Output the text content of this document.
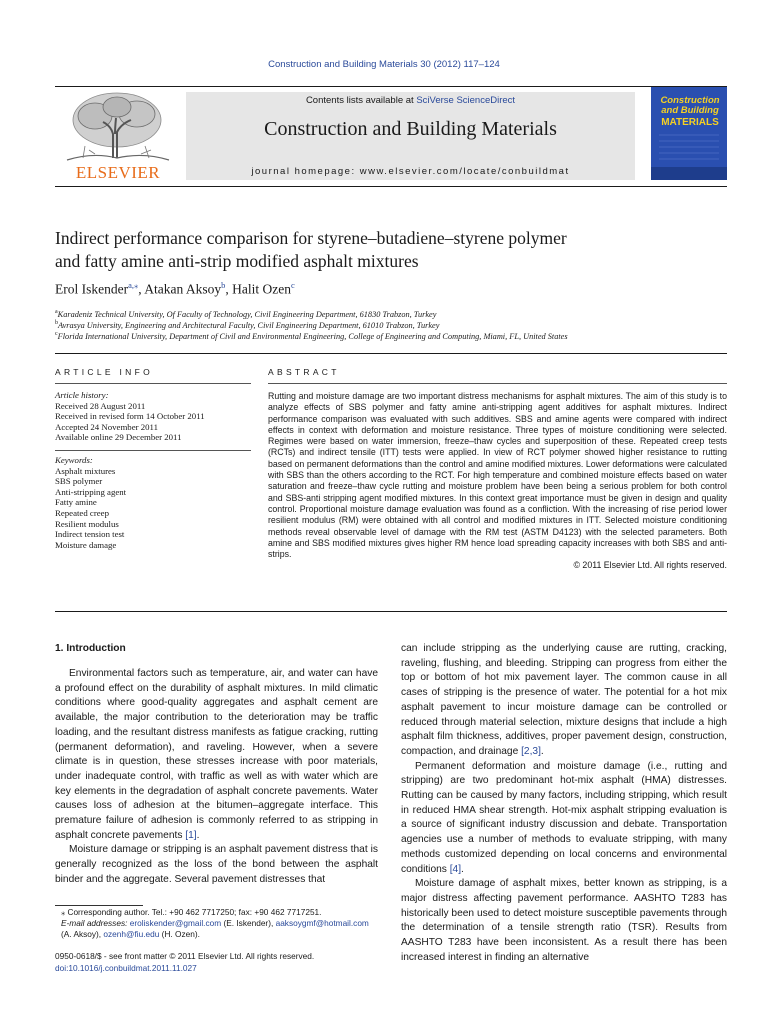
Construction and Building Materials 30 (2012) 117–124
Contents lists available at SciVerse ScienceDirect
Construction and Building Materials
journal homepage: www.elsevier.com/locate/conbuildmat
ELSEVIER
Construction and Building
MATERIALS
Indirect performance comparison for styrene–butadiene–styrene polymer
and fatty amine anti-strip modified asphalt mixtures
Erol Iskender$^{a,⁎}$, Atakan Aksoy$^b$, Halit Ozen$^c$
$^a$Karadeniz Technical University, Of Faculty of Technology, Civil Engineering Department, 61830 Trabzon, Turkey
$^b$Avrasya University, Engineering and Architectural Faculty, Civil Engineering Department, 61010 Trabzon, Turkey
$^c$Florida International University, Department of Civil and Environmental Engineering, College of Engineering and Computing, Miami, FL, United States
ARTICLE INFO	ABSTRACT
Article history:
Received 28 August 2011
Received in revised form 14 October 2011
Accepted 24 November 2011
Available online 29 December 2011
Keywords:
Asphalt mixtures
SBS polymer
Anti-stripping agent
Fatty amine
Repeated creep
Resilient modulus
Indirect tension test
Moisture damage
Rutting and moisture damage are two important distress mechanisms for asphalt mixtures. The aim of this study is to analyze effects of SBS polymer and fatty amine anti-stripping agent additives for asphalt mixtures. Indirect performance comparison was evaluated with such additives. SBS and amine agents were compared with indirect effects in context with deformation and moisture resistance. Three types of moisture conditioning were selected. Regimes were based on water immersion, freeze–thaw cycles and superposition of these. Repeated creep tests (RCTs) and indirect tensile (ITT) tests were applied. In view of RCT polymer showed higher resistance to rutting based on permanent deformations than the control and amine modified mixtures. Lower deformations were calculated with SBS than the others according to the RCT. For high temperature and combined moisture effects based on water saturation and freeze–thaw cycle rutting and moisture problem have been being a serious problem for both control and SBS-anti stripping agent modified mixtures. In this context great importance must be given in design and quality control. Proportional moisture damage evaluation was found as a confliction. With the increasing of rise period lower resilient modulus (RM) were obtained with all control and modified mixtures in ITT. Selected moisture conditioning methods reveal observable level of damage with the RM test (ASTM D4123) with the selected parameters. Both amine and SBS modified mixtures gives higher RM hence load spreading capacity increases with both SBS and anti-strips.
© 2011 Elsevier Ltd. All rights reserved.
1. Introduction

Environmental factors such as temperature, air, and water can have a profound effect on the durability of asphalt mixtures. In mild climatic conditions where good-quality aggregates and asphalt cement are available, the major contribution to the deterioration may be traffic loading, and the resultant distress manifests as fatigue cracking, rutting (permanent deformation), and raveling. However, when a severe climate is in question, these stresses increase with poor materials, under inadequate control, with traffic as well as with water which are key elements in the degradation of asphalt concrete pavements. Water causes loss of adhesion at the bitumen–aggregate interface. This premature failure of adhesion is commonly referred to as stripping in asphalt concrete pavements [1].

Moisture damage or stripping is an asphalt pavement distress that is generally recognized as the loss of the bond between the asphalt binder and the aggregate. Several pavement distresses that

⁎ Corresponding author. Tel.: +90 462 7717250; fax: +90 462 7717251.
E-mail addresses: eroliskender@gmail.com (E. Iskender), aaksoygmf@hotmail.com (A. Aksoy), ozenh@fiu.edu (H. Ozen).

can include stripping as the underlying cause are rutting, cracking, raveling, flushing, and bleeding. Stripping can progress from either the top or bottom of hot mix pavement layer. The common cause in all cases of stripping is the presence of water. The potential for a hot mix asphalt pavement to incur moisture damage can be controlled or reduced through material selection, mixture designs that include a high asphalt film thickness, additives, proper pavement design, construction, compaction, and drainage [2,3].

Permanent deformation and moisture damage (i.e., rutting and stripping) are two predominant hot-mix asphalt (HMA) distresses. Rutting can be caused by many factors, including stripping, which result in reduced HMA shear strength. Hot-mix asphalt stripping evaluation is a source of significant industry discussion and debate. Transportation agencies use a number of methods to evaluate stripping, with many methods customized depending on local concerns and environmental conditions [4].

Moisture damage of asphalt mixes, better known as stripping, is a major distress affecting pavement performance. AASHTO T283 has historically been used to detect moisture susceptible pavements through the determination of a tensile strength ratio (TSR). Results from AASHTO T283 have been inconsistent. As a result there has been increased interest in finding an alternative

0950-0618/$ - see front matter © 2011 Elsevier Ltd. All rights reserved.
doi:10.1016/j.conbuildmat.2011.11.027
